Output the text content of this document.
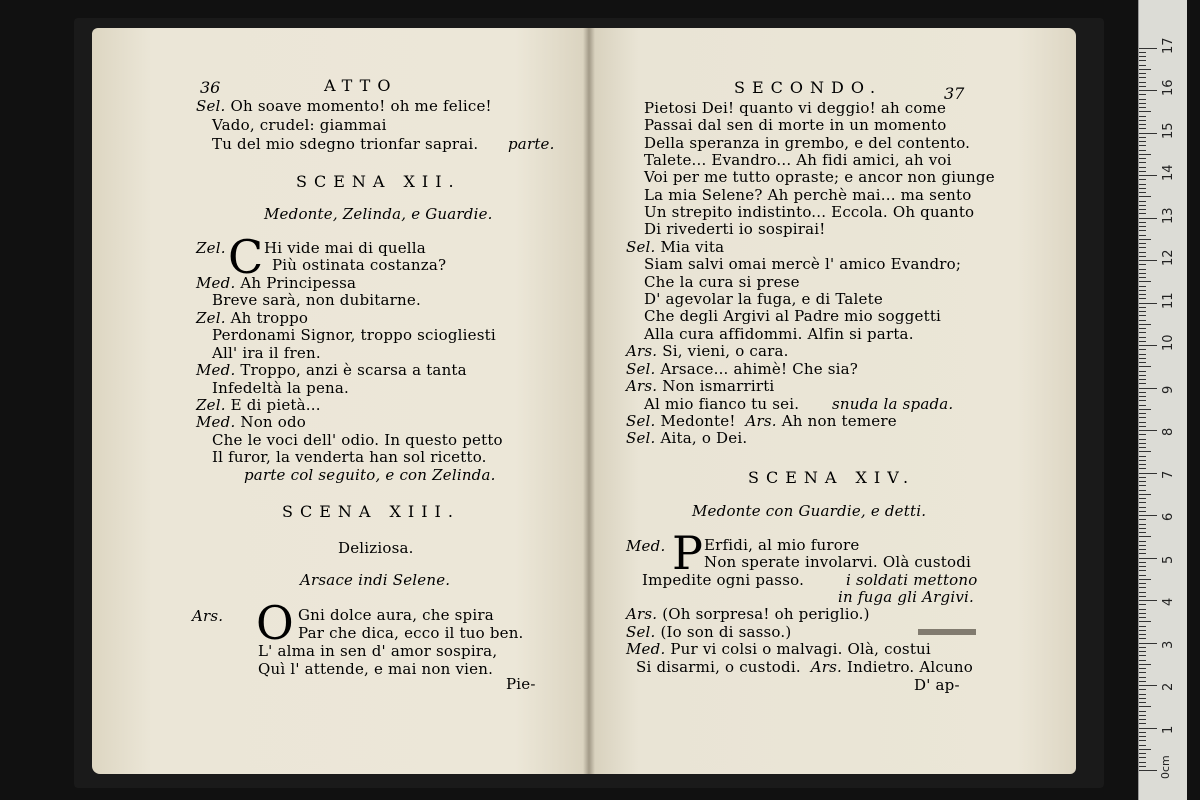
36	ATTO
Sel. Oh soave momento! oh me felice!
Vado, crudel: giammai
Tu del mio sdegno trionfar saprai. parte.
SCENA XII.
Medonte, Zelinda, e Guardie.
Zel. C Hi vide mai di quella
Più ostinata costanza?
Med. Ah Principessa
Breve sarà, non dubitarne.
Zel. Ah troppo
Perdonami Signor, troppo sciogliesti
All' ira il fren.
Med. Troppo, anzi è scarsa a tanta
Infedeltà la pena.
Zel. E di pietà...
Med. Non odo
Che le voci dell' odio. In questo petto
Il furor, la venderta han sol ricetto.
parte col seguito, e con Zelinda.
SCENA XIII.
Deliziosa.
Arsace indi Selene.
Ars. O Gni dolce aura, che spira
Par che dica, ecco il tuo ben.
L' alma in sen d' amor sospira,
Quì l' attende, e mai non vien.
Pie-
SECONDO.	37
Pietosi Dei! quanto vi deggio! ah come
Passai dal sen di morte in un momento
Della speranza in grembo, e del contento.
Talete... Evandro... Ah fidi amici, ah voi
Voi per me tutto opraste; e ancor non giunge
La mia Selene? Ah perchè mai... ma sento
Un strepito indistinto... Eccola. Oh quanto
Di rivederti io sospirai!
Sel. Mia vita
Siam salvi omai mercè l' amico Evandro;
Che la cura si prese
D' agevolar la fuga, e di Talete
Che degli Argivi al Padre mio soggetti
Alla cura affidommi. Alfin si parta.
Ars. Si, vieni, o cara.
Sel. Arsace... ahimè! Che sia?
Ars. Non ismarrirti
Al mio fianco tu sei. snuda la spada.
Sel. Medonte! Ars. Ah non temere
Sel. Aita, o Dei.
SCENA XIV.
Medonte con Guardie, e detti.
Med. P Erfidi, al mio furore
Non sperate involarvi. Olà custodi
Impedite ogni passo.	i soldati mettono
in fuga gli Argivi.
Ars. (Oh sorpresa! oh periglio.)
Sel. (Io son di sasso.)
Med. Pur vi colsi o malvagi. Olà, costui
Si disarmi, o custodi. Ars. Indietro. Alcuno
D' ap-
1
2
3
4
5
6
7
8
9
10
11
12
13
14
15
16
17
0cm
